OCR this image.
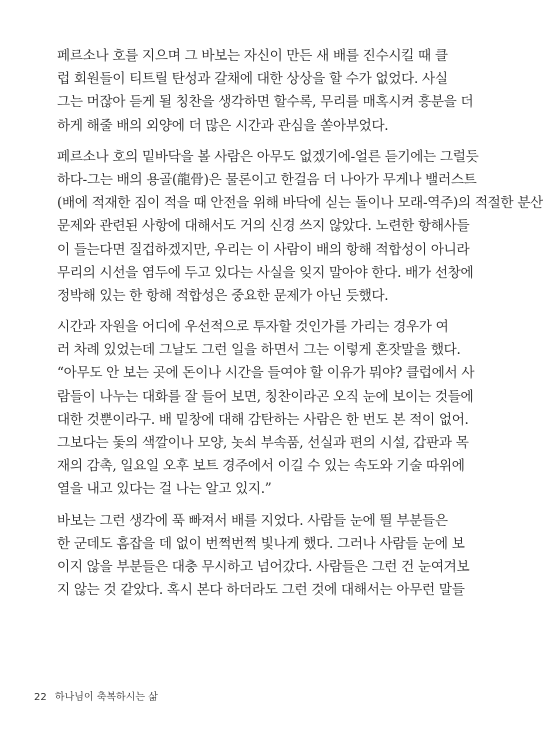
페르소나 호를 지으며 그 바보는 자신이 만든 새 배를 진수시킬 때 클
럽 회원들이 티트릴 탄성과 갈채에 대한 상상을 할 수가 없었다. 사실
그는 머잖아 듣게 될 칭찬을 생각하면 할수록, 무리를 매혹시켜 흥분을 더
하게 해줄 배의 외양에 더 많은 시간과 관심을 쏟아부었다.

페르소나 호의 밑바닥을 볼 사람은 아무도 없겠기에-얼른 듣기에는 그럴듯
하다-그는 배의 용골(龍骨)은 물론이고 한걸음 더 나아가 무게나 밸러스트
(배에 적재한 짐이 적을 때 안전을 위해 바닥에 싣는 돌이나 모래-역주)의 적절한 분산
문제와 관련된 사항에 대해서도 거의 신경 쓰지 않았다. 노련한 항해사들
이 들는다면 질겁하겠지만, 우리는 이 사람이 배의 항해 적합성이 아니라
무리의 시선을 염두에 두고 있다는 사실을 잊지 말아야 한다. 배가 선창에
정박해 있는 한 항해 적합성은 중요한 문제가 아닌 듯했다.

시간과 자원을 어디에 우선적으로 투자할 것인가를 가리는 경우가 여
러 차례 있었는데 그날도 그런 일을 하면서 그는 이렇게 혼잣말을 했다.
“아무도 안 보는 곳에 돈이나 시간을 들여야 할 이유가 뭐야? 클럽에서 사
람들이 나누는 대화를 잘 들어 보면, 칭찬이라곤 오직 눈에 보이는 것들에
대한 것뿐이라구. 배 밑창에 대해 감탄하는 사람은 한 번도 본 적이 없어.
그보다는 돛의 색깔이나 모양, 놋쇠 부속품, 선실과 편의 시설, 갑판과 목
재의 감촉, 일요일 오후 보트 경주에서 이길 수 있는 속도와 기술 따위에
열을 내고 있다는 걸 나는 알고 있지.”

바보는 그런 생각에 푹 빠져서 배를 지었다. 사람들 눈에 띌 부분들은
한 군데도 흠잡을 데 없이 번쩍번쩍 빛나게 했다. 그러나 사람들 눈에 보
이지 않을 부분들은 대충 무시하고 넘어갔다. 사람들은 그런 건 눈여겨보
지 않는 것 같았다. 혹시 본다 하더라도 그런 것에 대해서는 아무런 말들

22 하나님이 축복하시는 삶
